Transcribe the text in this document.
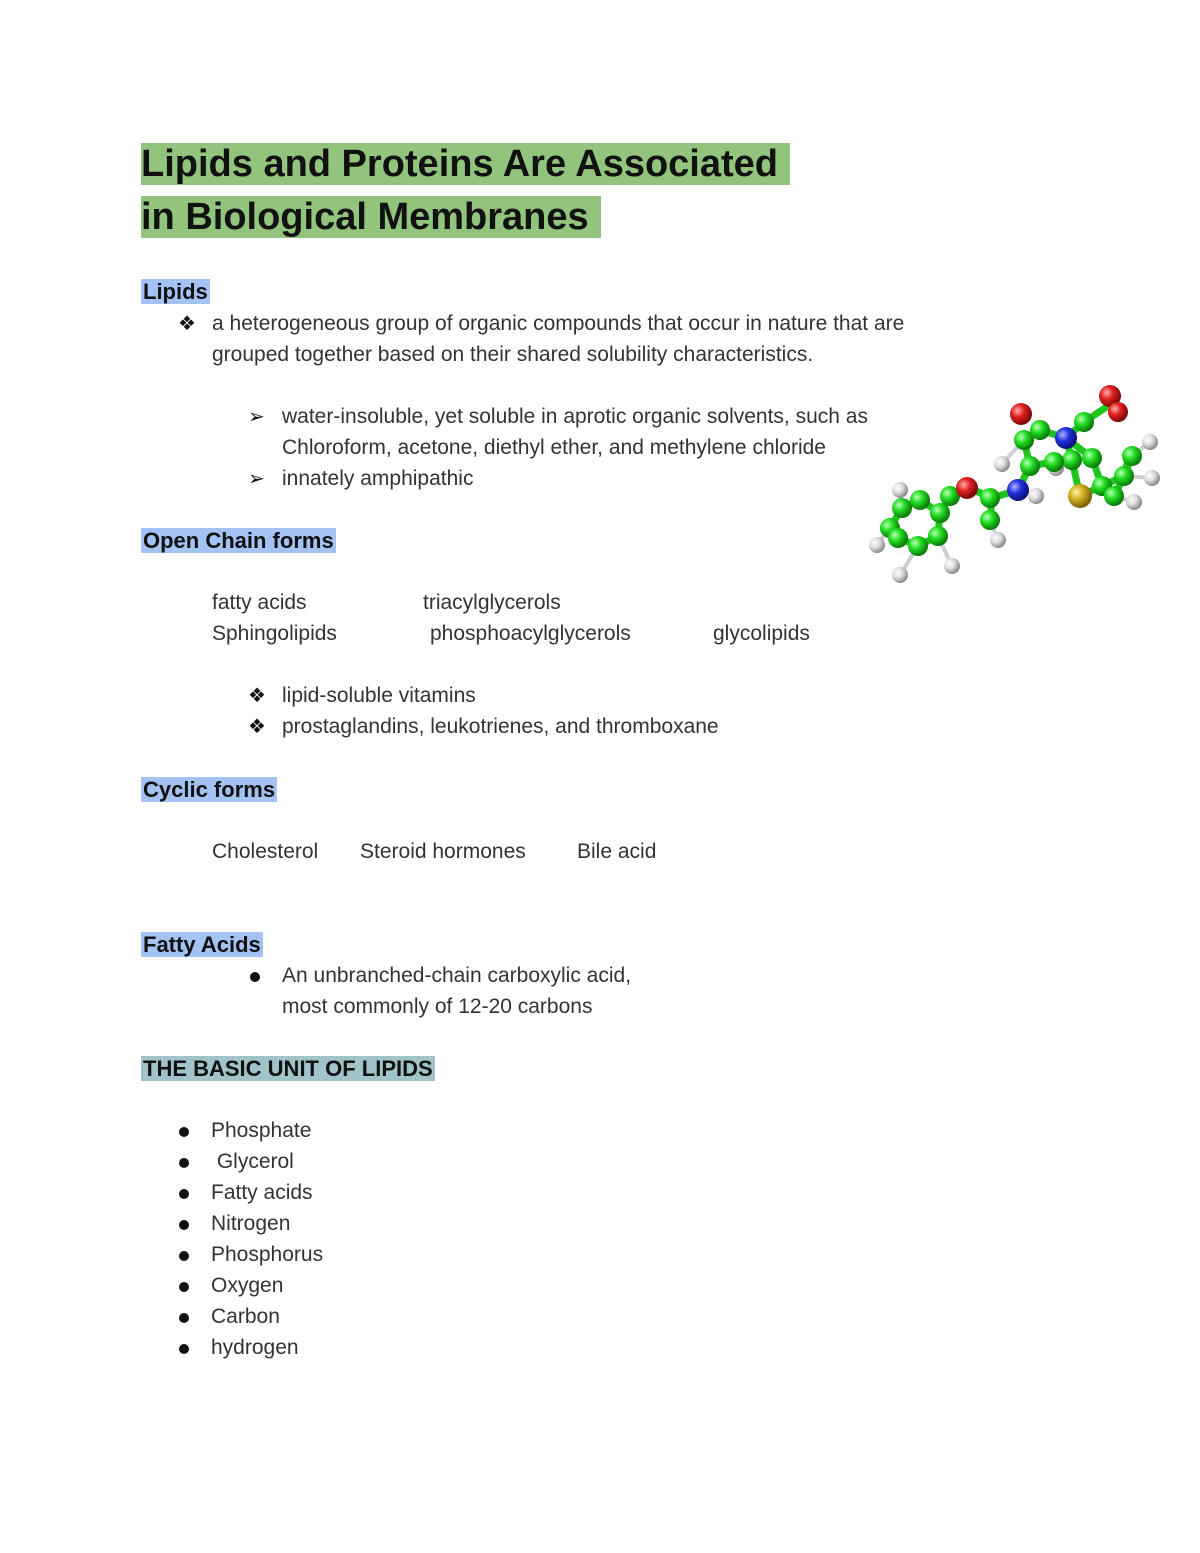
Lipids and Proteins Are Associated
in Biological Membranes
Lipids
❖ a heterogeneous group of organic compounds that occur in nature that are
grouped together based on their shared solubility characteristics.
➢ water-insoluble, yet soluble in aprotic organic solvents, such as
Chloroform, acetone, diethyl ether, and methylene chloride
➢ innately amphipathic
Open Chain forms
fatty acids	triacylglycerols
Sphingolipids	phosphoacylglycerols	glycolipids
❖ lipid-soluble vitamins
❖ prostaglandins, leukotrienes, and thromboxane
Cyclic forms
Cholesterol Steroid hormones Bile acid
Fatty Acids
An unbranched-chain carboxylic acid,
most commonly of 12-20 carbons
THE BASIC UNIT OF LIPIDS
Phosphate
Glycerol
Fatty acids
Nitrogen
Phosphorus
Oxygen
Carbon
hydrogen
